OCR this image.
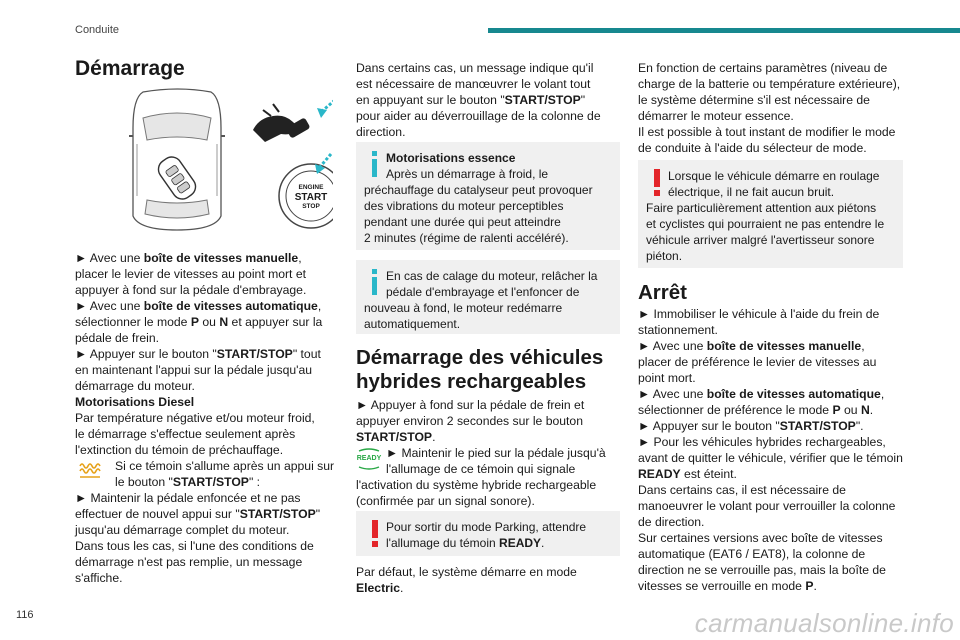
Conduite
Démarrage
ENGINE
START
STOP

► Avec une boîte de vitesses manuelle,

placer le levier de vitesses au point mort et

appuyer à fond sur la pédale d'embrayage.

► Avec une boîte de vitesses automatique,

sélectionner le mode P ou N et appuyer sur la

pédale de frein.

► Appuyer sur le bouton "START/STOP" tout

en maintenant l'appui sur la pédale jusqu'au

démarrage du moteur.

Motorisations Diesel

Par température négative et/ou moteur froid,

le démarrage s'effectue seulement après

l'extinction du témoin de préchauffage.

Si ce témoin s'allume après un appui sur

le bouton "START/STOP" :

► Maintenir la pédale enfoncée et ne pas

effectuer de nouvel appui sur "START/STOP"

jusqu'au démarrage complet du moteur.

Dans tous les cas, si l'une des conditions de

démarrage n'est pas remplie, un message

s'affiche.

Dans certains cas, un message indique qu'il

est nécessaire de manœuvrer le volant tout

en appuyant sur le bouton "START/STOP"

pour aider au déverrouillage de la colonne de

direction.

Motorisations essence

Après un démarrage à froid, le

préchauffage du catalyseur peut provoquer

des vibrations du moteur perceptibles

pendant une durée qui peut atteindre

2 minutes (régime de ralenti accéléré).

En cas de calage du moteur, relâcher la

pédale d'embrayage et l'enfoncer de

nouveau à fond, le moteur redémarre

automatiquement.

Démarrage des véhicules
hybrides rechargeables

► Appuyer à fond sur la pédale de frein et

appuyer environ 2 secondes sur le bouton

START/STOP.

READY ► Maintenir le pied sur la pédale jusqu'à

l'allumage de ce témoin qui signale

l'activation du système hybride rechargeable

(confirmée par un signal sonore).

Pour sortir du mode Parking, attendre

l'allumage du témoin READY.

Par défaut, le système démarre en mode

Electric.

En fonction de certains paramètres (niveau de

charge de la batterie ou température extérieure),

le système détermine s'il est nécessaire de

démarrer le moteur essence.

Il est possible à tout instant de modifier le mode

de conduite à l'aide du sélecteur de mode.

Lorsque le véhicule démarre en roulage

électrique, il ne fait aucun bruit.

Faire particulièrement attention aux piétons

et cyclistes qui pourraient ne pas entendre le

véhicule arriver malgré l'avertisseur sonore

piéton.

Arrêt

► Immobiliser le véhicule à l'aide du frein de

stationnement.

► Avec une boîte de vitesses manuelle,

placer de préférence le levier de vitesses au

point mort.

► Avec une boîte de vitesses automatique,

sélectionner de préférence le mode P ou N.

► Appuyer sur le bouton "START/STOP".

► Pour les véhicules hybrides rechargeables,

avant de quitter le véhicule, vérifier que le témoin

READY est éteint.

Dans certains cas, il est nécessaire de

manoeuvrer le volant pour verrouiller la colonne

de direction.

Sur certaines versions avec boîte de vitesses

automatique (EAT6 / EAT8), la colonne de

direction ne se verrouille pas, mais la boîte de

vitesses se verrouille en mode P.

116	carmanualsonline.info
